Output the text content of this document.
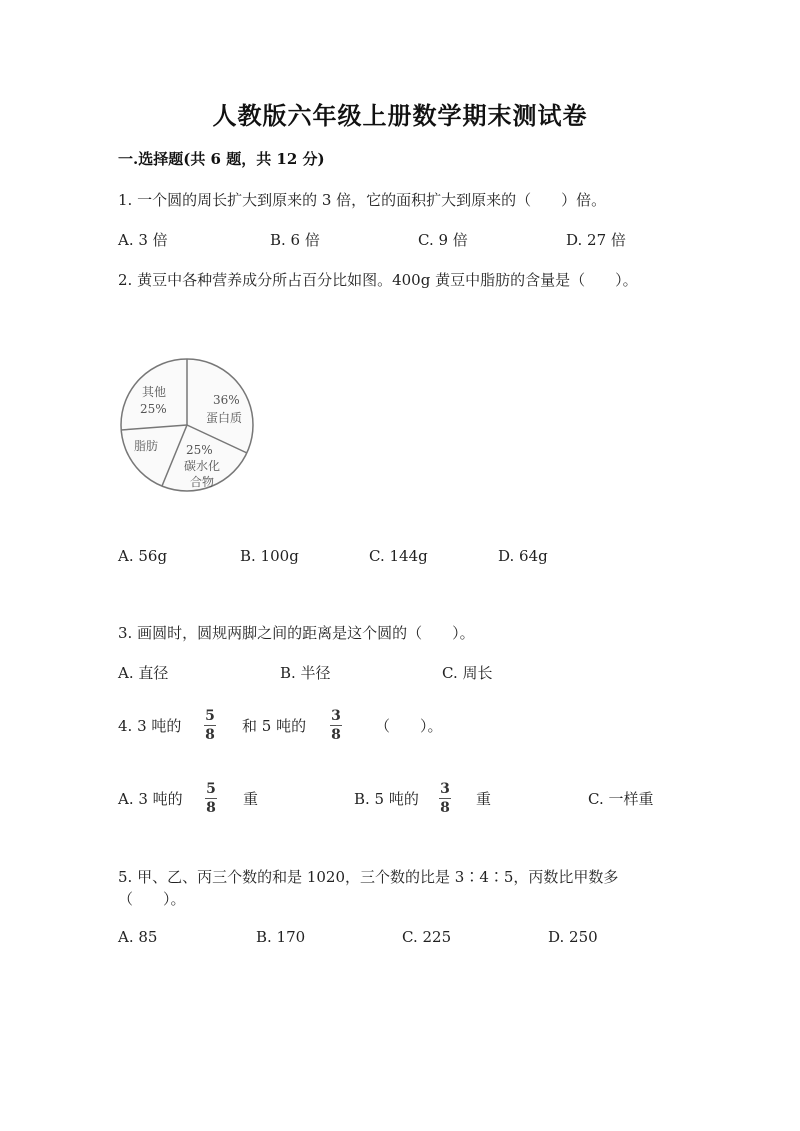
人教版六年级上册数学期末测试卷
一.选择题(共 6 题，共 12 分)
1. 一个圆的周长扩大到原来的 3 倍，它的面积扩大到原来的（　　）倍。
A. 3 倍	B. 6 倍	C. 9 倍	D. 27 倍
2. 黄豆中各种营养成分所占百分比如图。400g 黄豆中脂肪的含量是（　　）。
其他
25%
36%
蛋白质
脂肪 25%
碳水化
合物
A. 56g	B. 100g	C. 144g	D. 64g
3. 画圆时，圆规两脚之间的距离是这个圆的（　　）。
A. 直径	B. 半径	C. 周长
4. 3 吨的
5
8 和 5 吨的
3
8 （　　）。
A. 3 吨的
5
8 重	B. 5 吨的
3
8 重	C. 一样重
5. 甲、乙、丙三个数的和是 1020，三个数的比是 3∶4∶5，丙数比甲数多
（　　）。
A. 85	B. 170	C. 225	D. 250
